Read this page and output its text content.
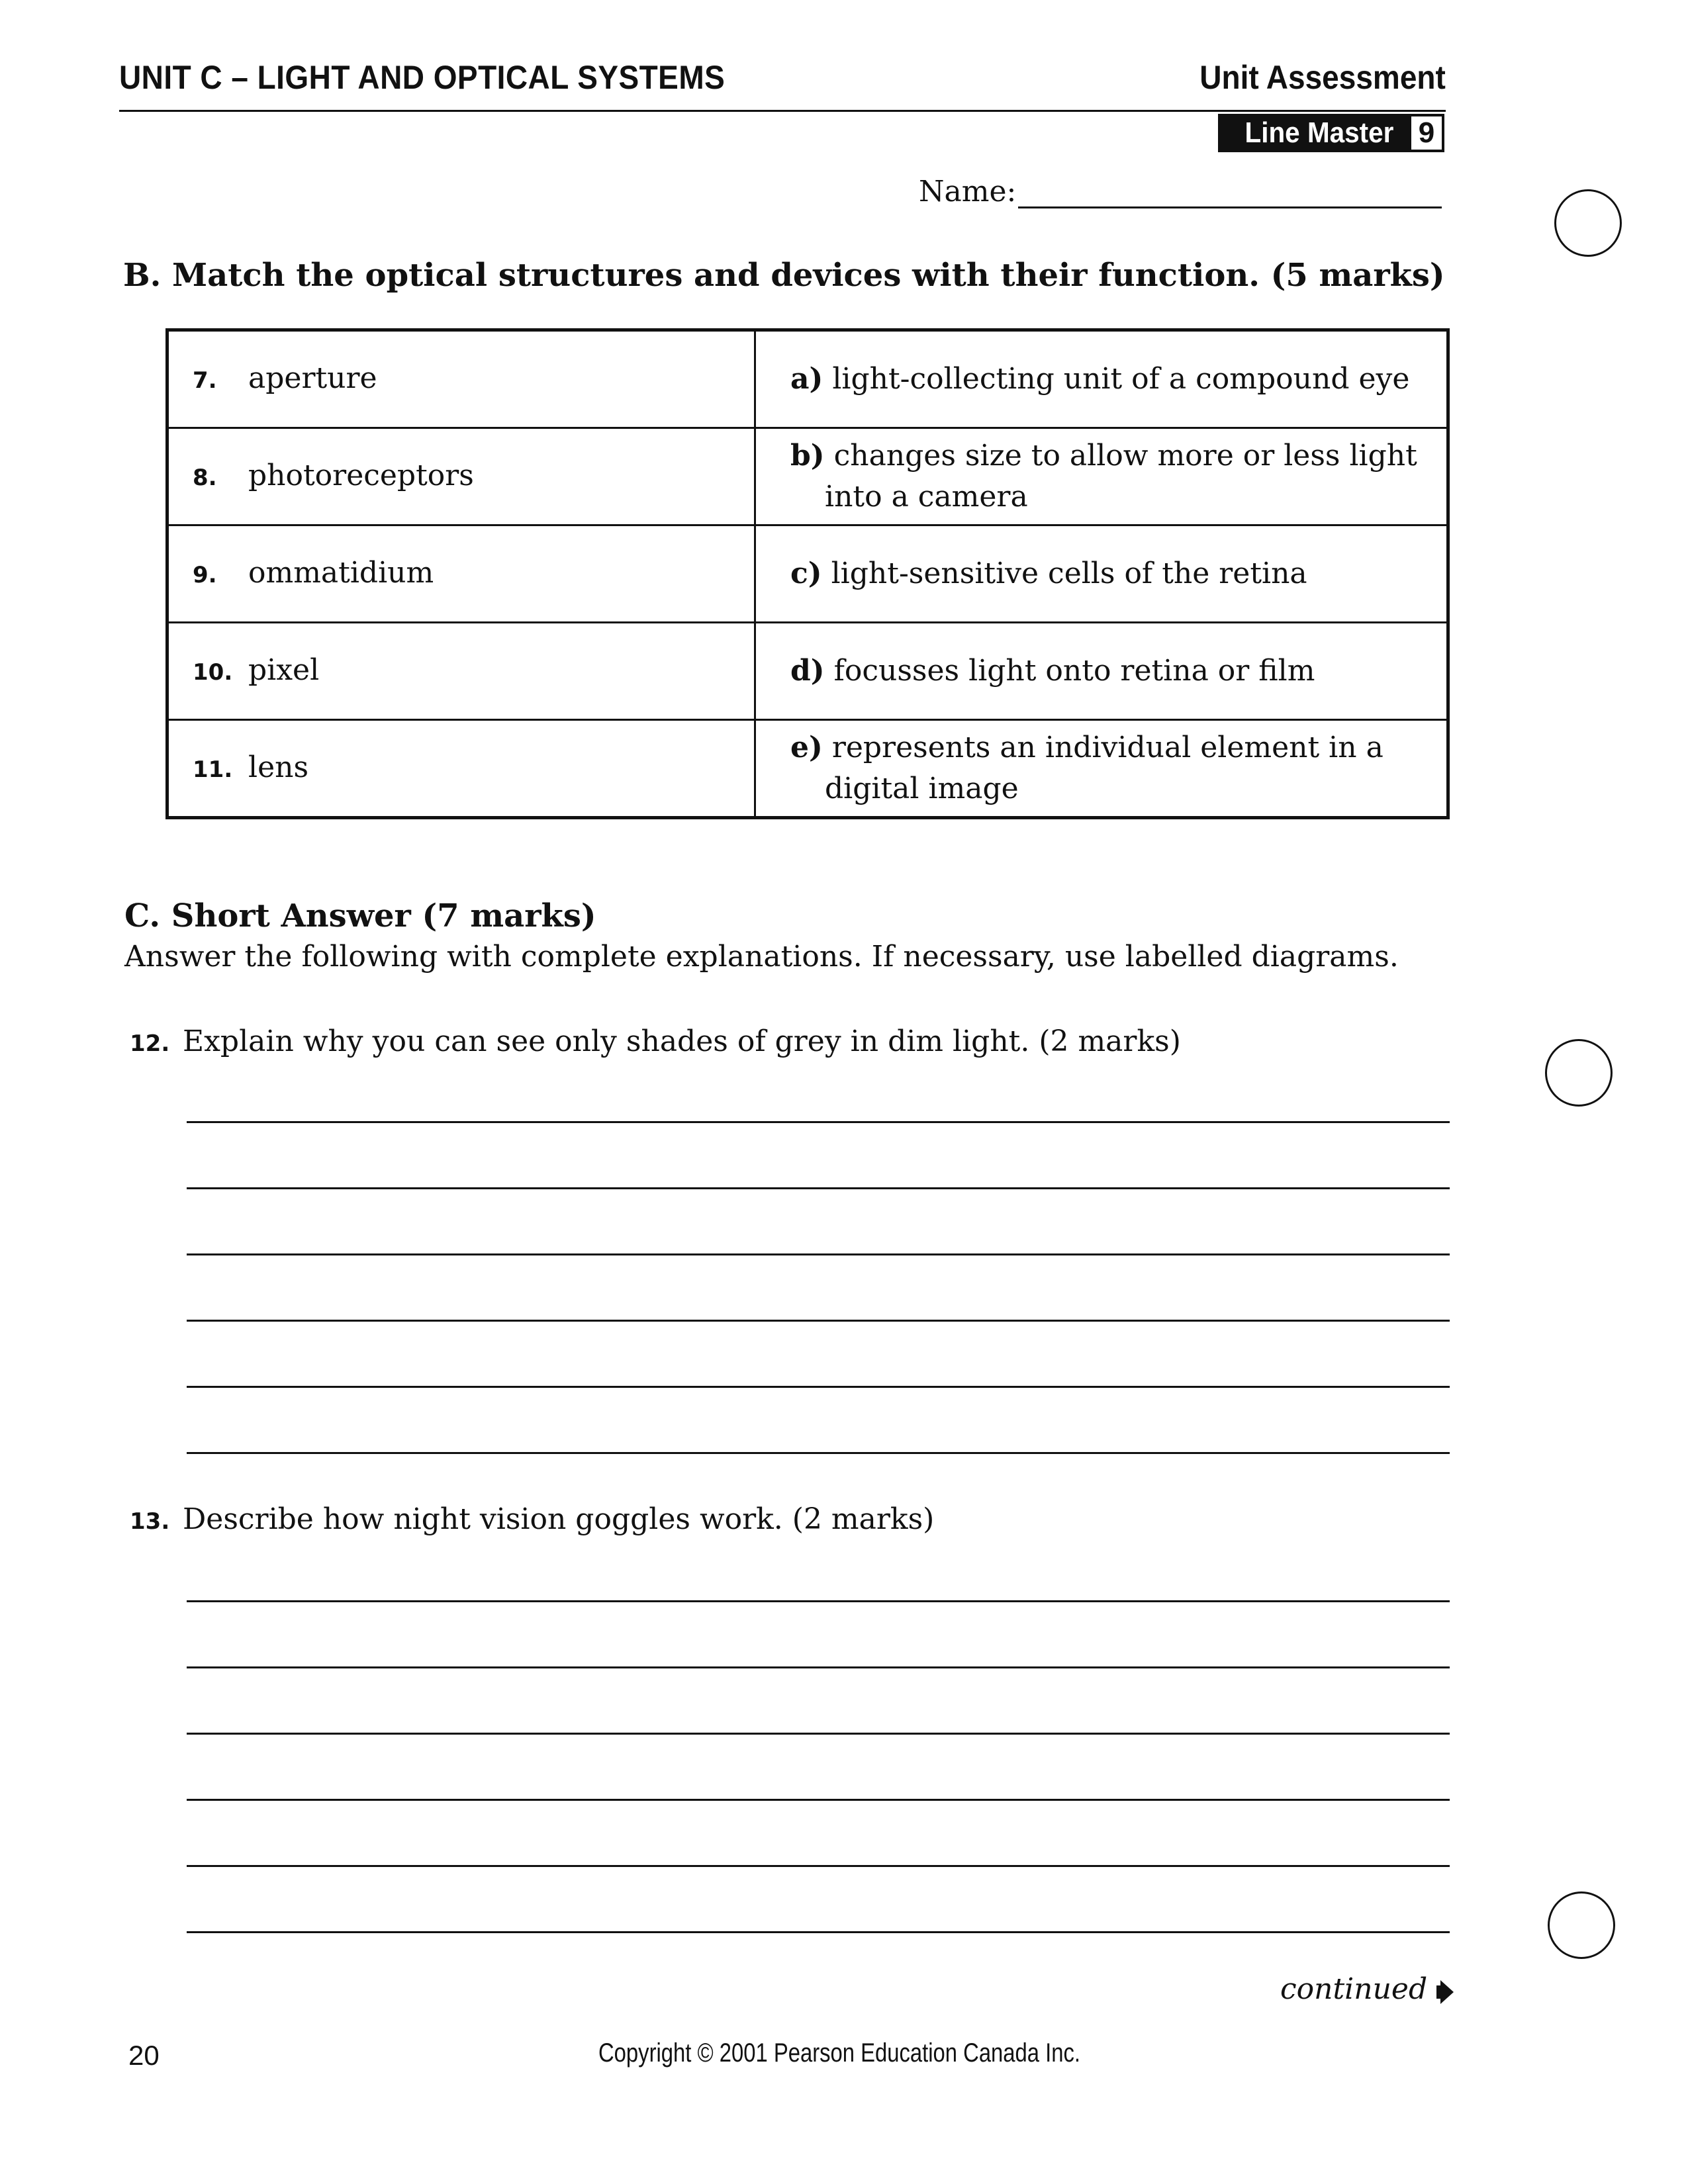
UNIT C – LIGHT AND OPTICAL SYSTEMS	Unit Assessment
Line Master 9
Name:
B. Match the optical structures and devices with their function. (5 marks)
7. aperture	a) light-collecting unit of a compound eye

8. photoreceptors	b) changes size to allow more or less light into a camera

9. ommatidium	c) light-sensitive cells of the retina

10. pixel	d) focusses light onto retina or film

11. lens	e) represents an individual element in a digital image
C. Short Answer (7 marks)
Answer the following with complete explanations. If necessary, use labelled diagrams.
12. Explain why you can see only shades of grey in dim light. (2 marks)
13. Describe how night vision goggles work. (2 marks)
continued
20	Copyright © 2001 Pearson Education Canada Inc.
